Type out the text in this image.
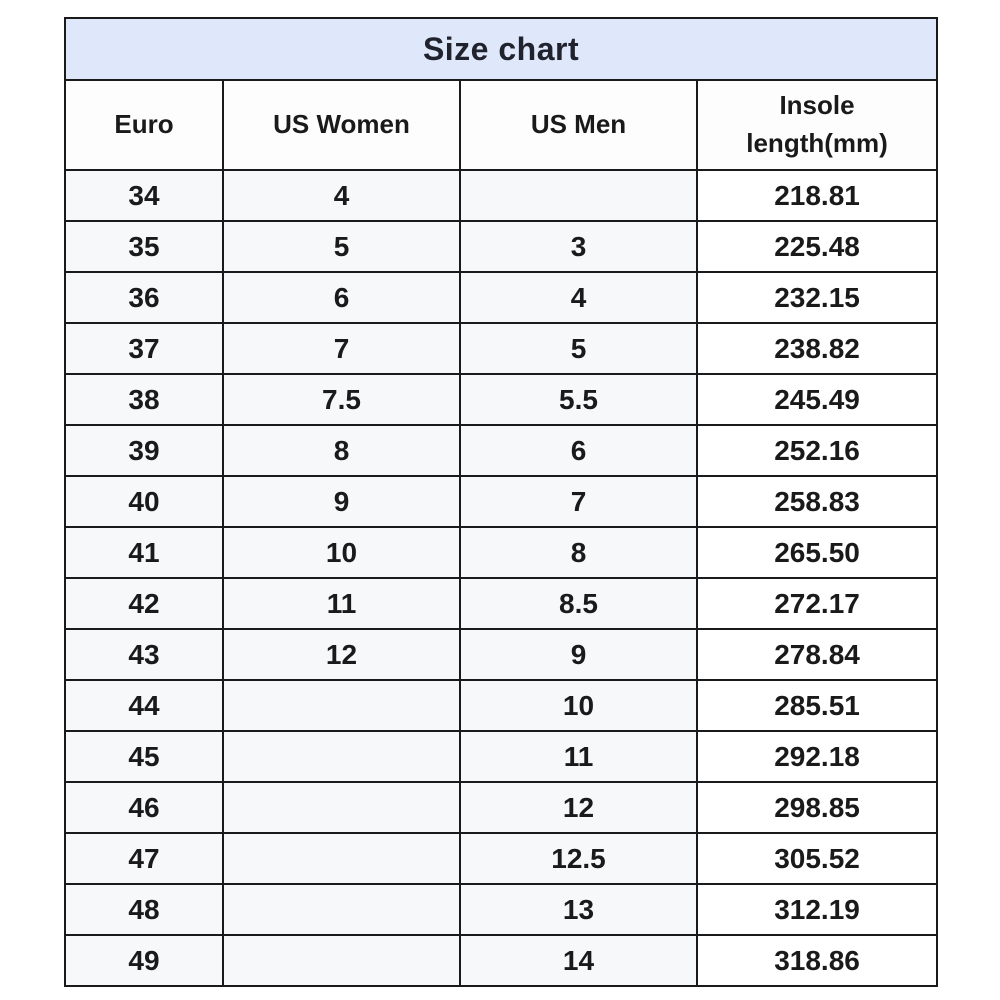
Size chart			
Euro	US Women	US Men	Insole length(mm)
34	4		218.81
35	5	3	225.48
36	6	4	232.15
37	7	5	238.82
38	7.5	5.5	245.49
39	8	6	252.16
40	9	7	258.83
41	10	8	265.50
42	11	8.5	272.17
43	12	9	278.84
44		10	285.51
45		11	292.18
46		12	298.85
47		12.5	305.52
48		13	312.19
49		14	318.86
